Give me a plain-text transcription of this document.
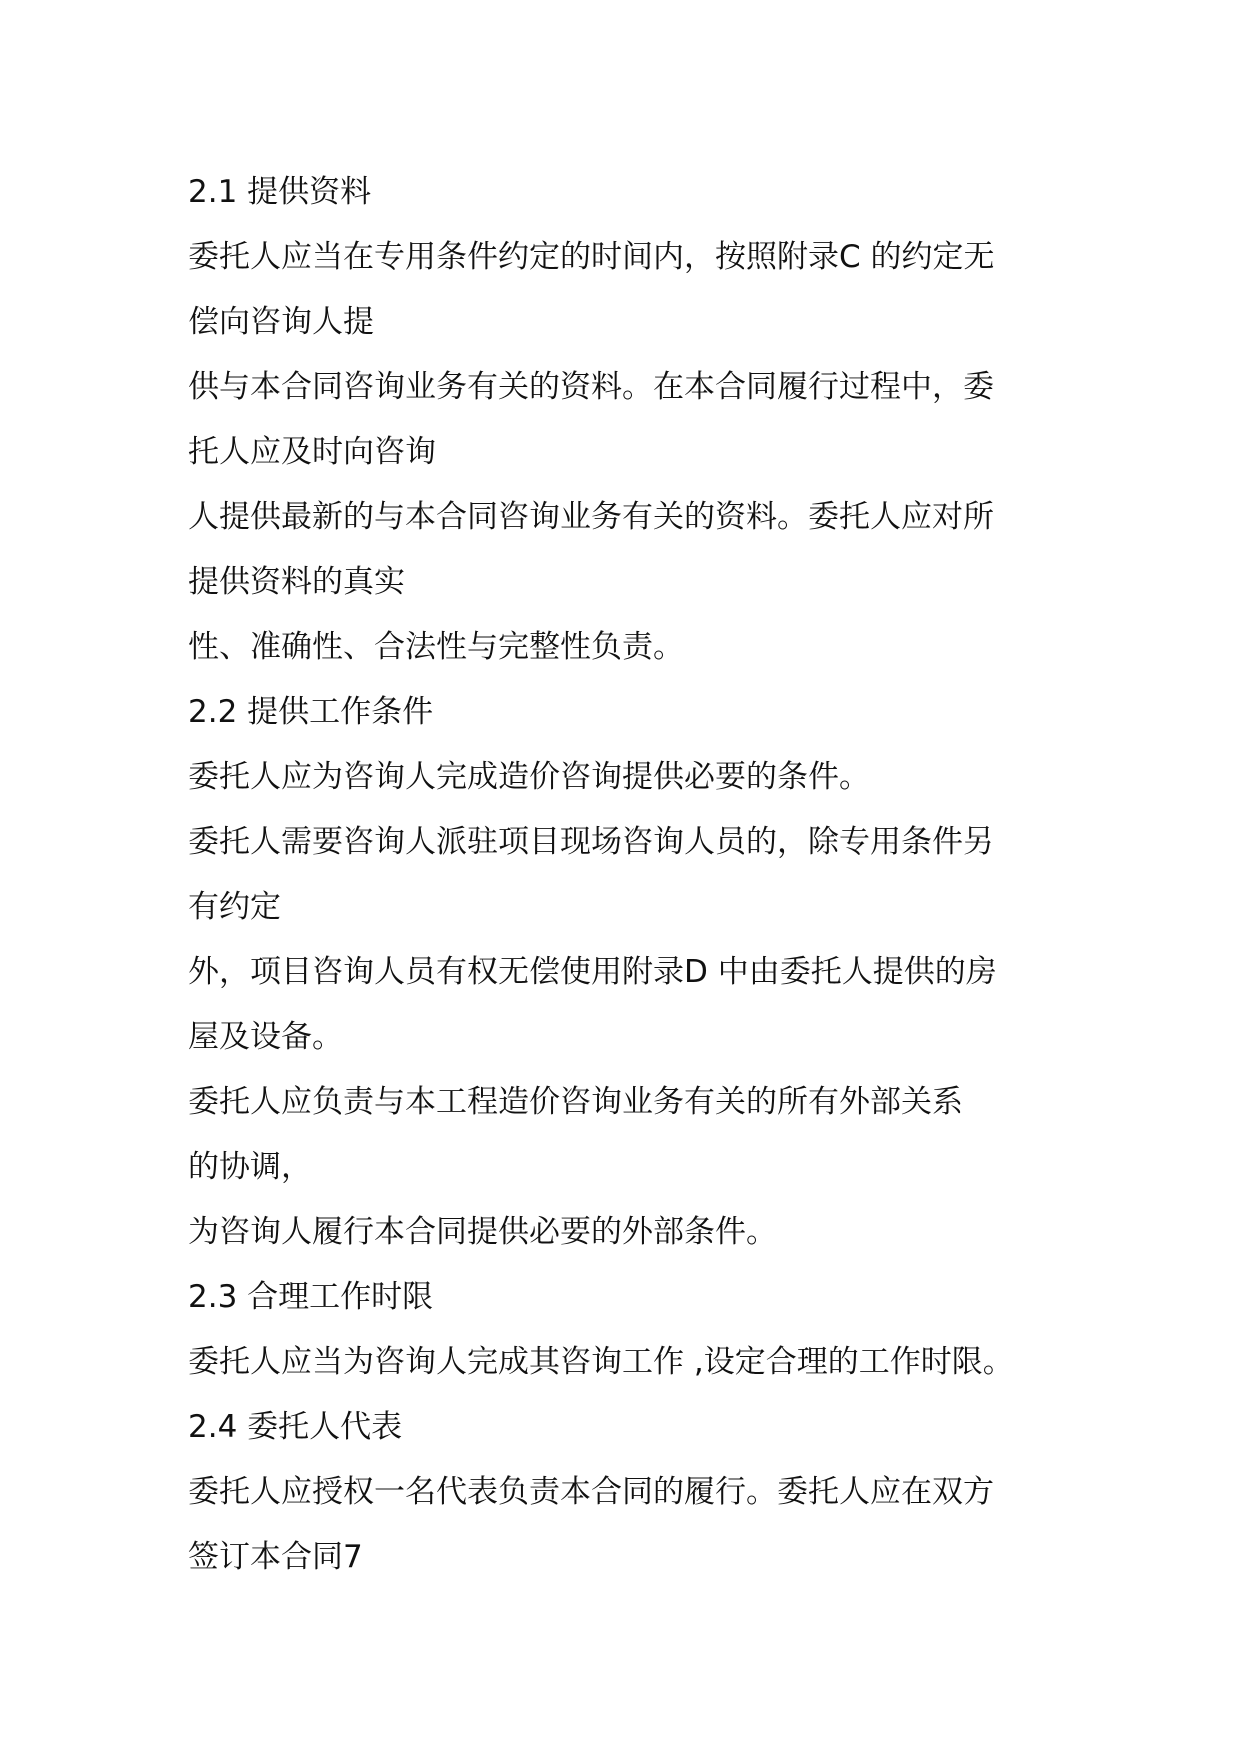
2.1 提供资料
委托人应当在专用条件约定的时间内，按照附录C 的约定无
偿向咨询人提
供与本合同咨询业务有关的资料。在本合同履行过程中，委
托人应及时向咨询
人提供最新的与本合同咨询业务有关的资料。委托人应对所
提供资料的真实
性、准确性、合法性与完整性负责。
2.2 提供工作条件
委托人应为咨询人完成造价咨询提供必要的条件。
委托人需要咨询人派驻项目现场咨询人员的，除专用条件另
有约定
外，项目咨询人员有权无偿使用附录D 中由委托人提供的房
屋及设备。
委托人应负责与本工程造价咨询业务有关的所有外部关系
的协调，
为咨询人履行本合同提供必要的外部条件。
2.3 合理工作时限
委托人应当为咨询人完成其咨询工作 ,设定合理的工作时限。
2.4 委托人代表
委托人应授权一名代表负责本合同的履行。委托人应在双方
签订本合同7
